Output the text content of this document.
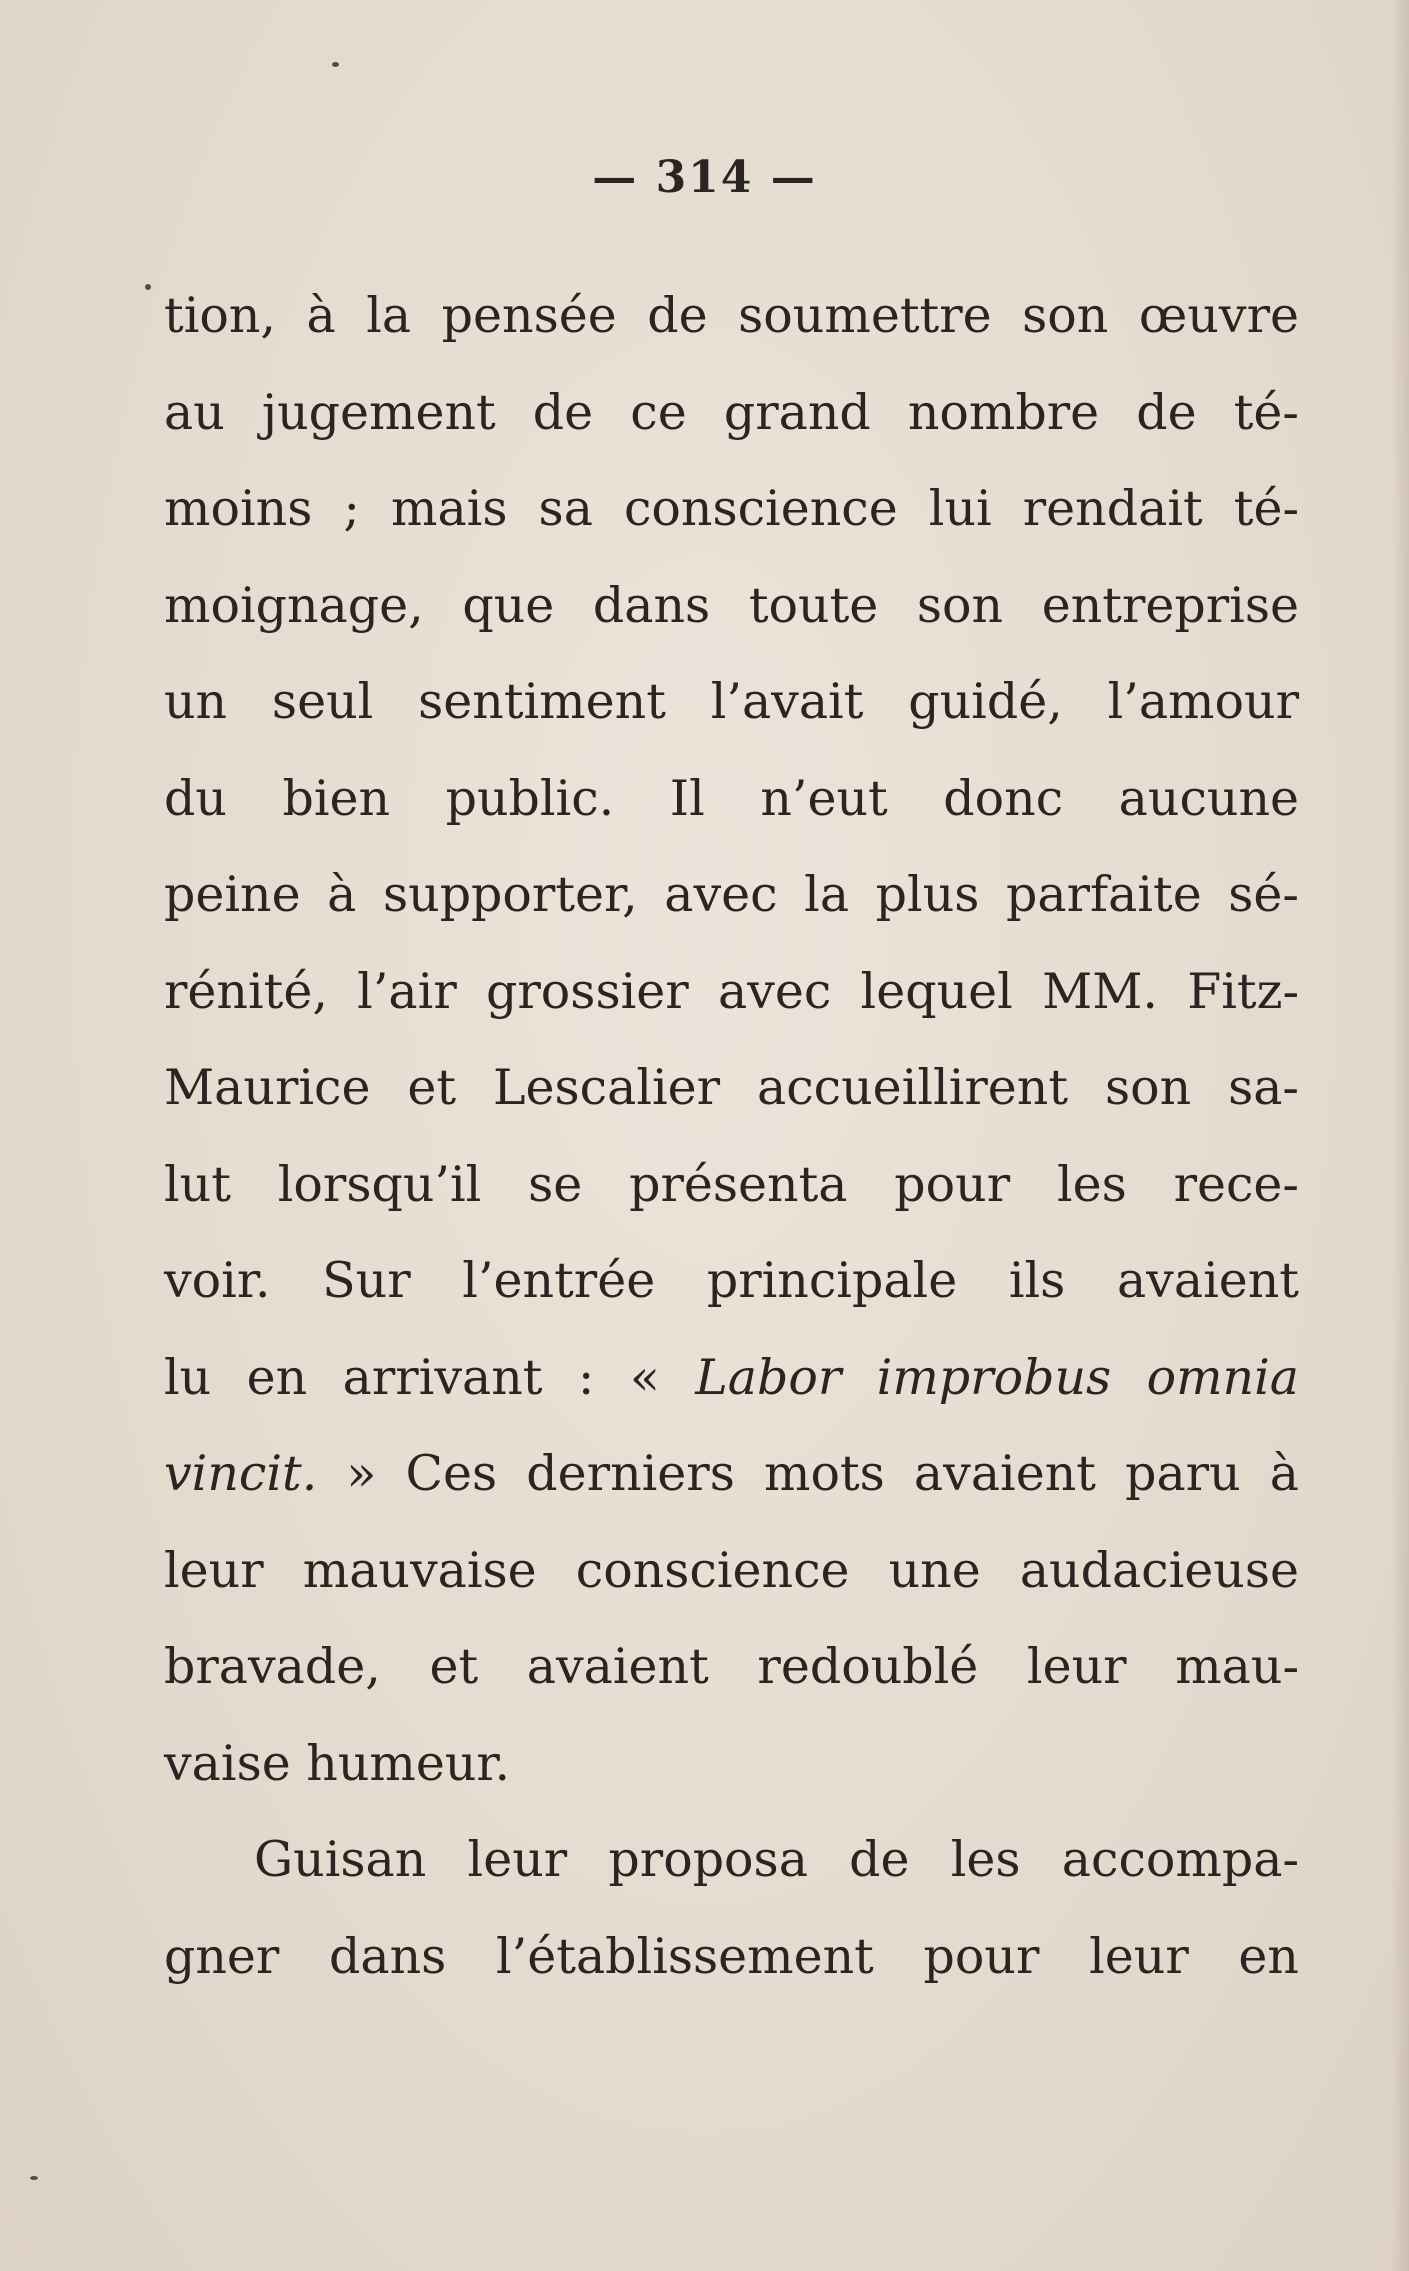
— 314 —
tion, à la pensée de soumettre son œuvre
au jugement de ce grand nombre de té-
moins ; mais sa conscience lui rendait té-
moignage, que dans toute son entreprise
un seul sentiment l’avait guidé, l’amour
du bien public. Il n’eut donc aucune
peine à supporter, avec la plus parfaite sé-
rénité, l’air grossier avec lequel MM. Fitz-
Maurice et Lescalier accueillirent son sa-
lut lorsqu’il se présenta pour les rece-
voir. Sur l’entrée principale ils avaient
lu en arrivant : « Labor improbus omnia
vincit. » Ces derniers mots avaient paru à
leur mauvaise conscience une audacieuse
bravade, et avaient redoublé leur mau-
vaise humeur.
Guisan leur proposa de les accompa-
gner dans l’établissement pour leur en
